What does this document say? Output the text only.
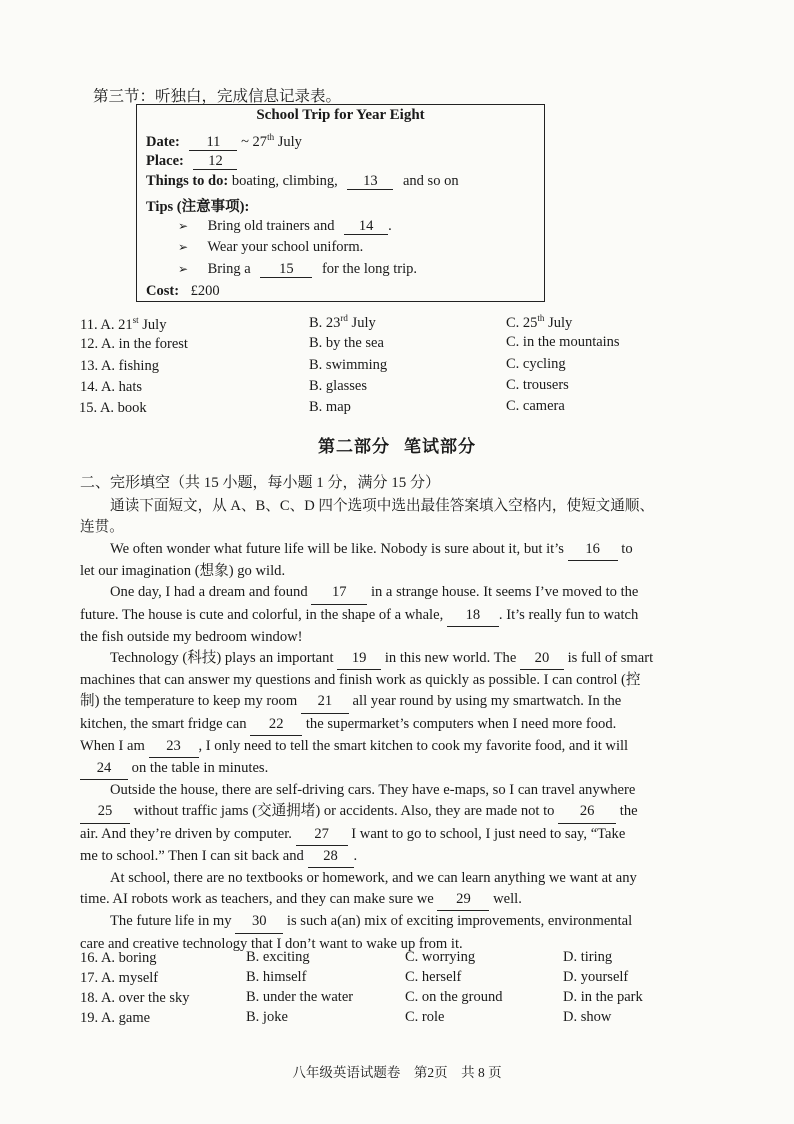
第三节：听独白，完成信息记录表。
School Trip for Year Eight
Date: 11 ~ 27th July
Place: 12
Things to do: boating, climbing, 13 and so on
Tips (注意事项):
➢ Bring old trainers and 14 .
➢ Wear your school uniform.
➢ Bring a 15 for the long trip.
Cost: £200
11. A. 21st July	B. 23rd July	C. 25th July
12. A. in the forest	B. by the sea	C. in the mountains
13. A. fishing	B. swimming	C. cycling
14. A. hats	B. glasses	C. trousers
15. A. book	B. map	C. camera
第二部分 笔试部分
二、完形填空（共 15 小题，每小题 1 分，满分 15 分）
通读下面短文，从 A、B、C、D 四个选项中选出最佳答案填入空格内，使短文通顺、
连贯。
We often wonder what future life will be like. Nobody is sure about it, but it’s 16 to
let our imagination (想象) go wild.
One day, I had a dream and found 17 in a strange house. It seems I’ve moved to the
future. The house is cute and colorful, in the shape of a whale, 18 . It’s really fun to watch
the fish outside my bedroom window!
Technology (科技) plays an important 19 in this new world. The 20 is full of smart
machines that can answer my questions and finish work as quickly as possible. I can control (控
制) the temperature to keep my room 21 all year round by using my smartwatch. In the
kitchen, the smart fridge can 22 the supermarket’s computers when I need more food.
When I am 23 , I only need to tell the smart kitchen to cook my favorite food, and it will
24 on the table in minutes.
Outside the house, there are self-driving cars. They have e-maps, so I can travel anywhere
25 without traffic jams (交通拥堵) or accidents. Also, they are made not to 26 the
air. And they’re driven by computer. 27 I want to go to school, I just need to say, “Take
me to school.” Then I can sit back and 28 .
At school, there are no textbooks or homework, and we can learn anything we want at any
time. AI robots work as teachers, and they can make sure we 29 well.
The future life in my 30 is such a(an) mix of exciting improvements, environmental
care and creative technology that I don’t want to wake up from it.
16. A. boring	B. exciting	C. worrying	D. tiring
17. A. myself	B. himself	C. herself	D. yourself
18. A. over the sky	B. under the water	C. on the ground	D. in the park
19. A. game	B. joke	C. role	D. show
八年级英语试题卷　第2页　共 8 页
